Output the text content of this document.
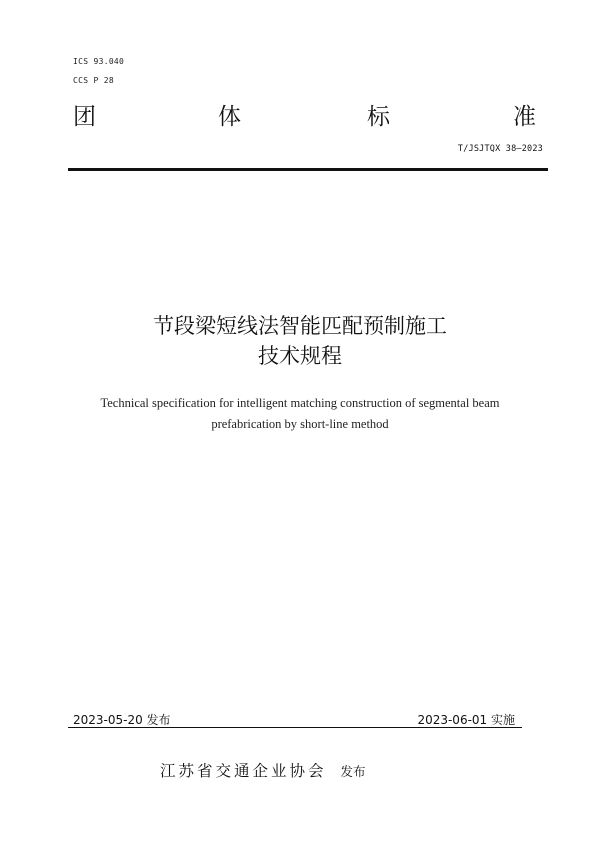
ICS 93.040
CCS P 28
团	体	标	准
T/JSJTQX 38—2023
节段梁短线法智能匹配预制施工
技术规程
Technical specification for intelligent matching construction of segmental beam
prefabrication by short-line method
2023-05-20 发布	2023-06-01 实施
江苏省交通企业协会 发布
